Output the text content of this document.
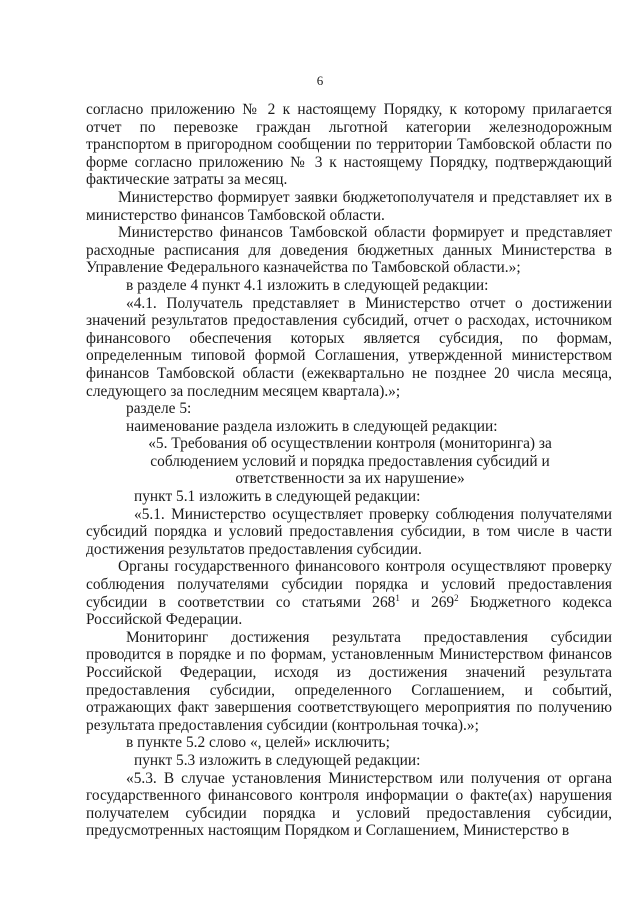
6

согласно приложению № 2 к настоящему Порядку, к которому прилагается отчет по перевозке граждан льготной категории железнодорожным транспортом в пригородном сообщении по территории Тамбовской области по форме согласно приложению № 3 к настоящему Порядку, подтверждающий фактические затраты за месяц.

Министерство формирует заявки бюджетополучателя и представляет их в министерство финансов Тамбовской области.

Министерство финансов Тамбовской области формирует и представляет расходные расписания для доведения бюджетных данных Министерства в Управление Федерального казначейства по Тамбовской области.»;

в разделе 4 пункт 4.1 изложить в следующей редакции:

«4.1. Получатель представляет в Министерство отчет о достижении значений результатов предоставления субсидий, отчет о расходах, источником финансового обеспечения которых является субсидия, по формам, определенным типовой формой Соглашения, утвержденной министерством финансов Тамбовской области (ежеквартально не позднее 20 числа месяца, следующего за последним месяцем квартала).»;

разделе 5:

наименование раздела изложить в следующей редакции:

«5. Требования об осуществлении контроля (мониторинга) за соблюдением условий и порядка предоставления субсидий и ответственности за их нарушение»

пункт 5.1 изложить в следующей редакции:

«5.1. Министерство осуществляет проверку соблюдения получателями субсидий порядка и условий предоставления субсидии, в том числе в части достижения результатов предоставления субсидии.

Органы государственного финансового контроля осуществляют проверку соблюдения получателями субсидии порядка и условий предоставления субсидии в соответствии со статьями $268^1$ и $269^2$ Бюджетного кодекса Российской Федерации.

Мониторинг достижения результата предоставления субсидии проводится в порядке и по формам, установленным Министерством финансов Российской Федерации, исходя из достижения значений результата предоставления субсидии, определенного Соглашением, и событий, отражающих факт завершения соответствующего мероприятия по получению результата предоставления субсидии (контрольная точка).»;

в пункте 5.2 слово «, целей» исключить;

пункт 5.3 изложить в следующей редакции:

«5.3. В случае установления Министерством или получения от органа государственного финансового контроля информации о факте(ах) нарушения получателем субсидии порядка и условий предоставления субсидии, предусмотренных настоящим Порядком и Соглашением, Министерство в
